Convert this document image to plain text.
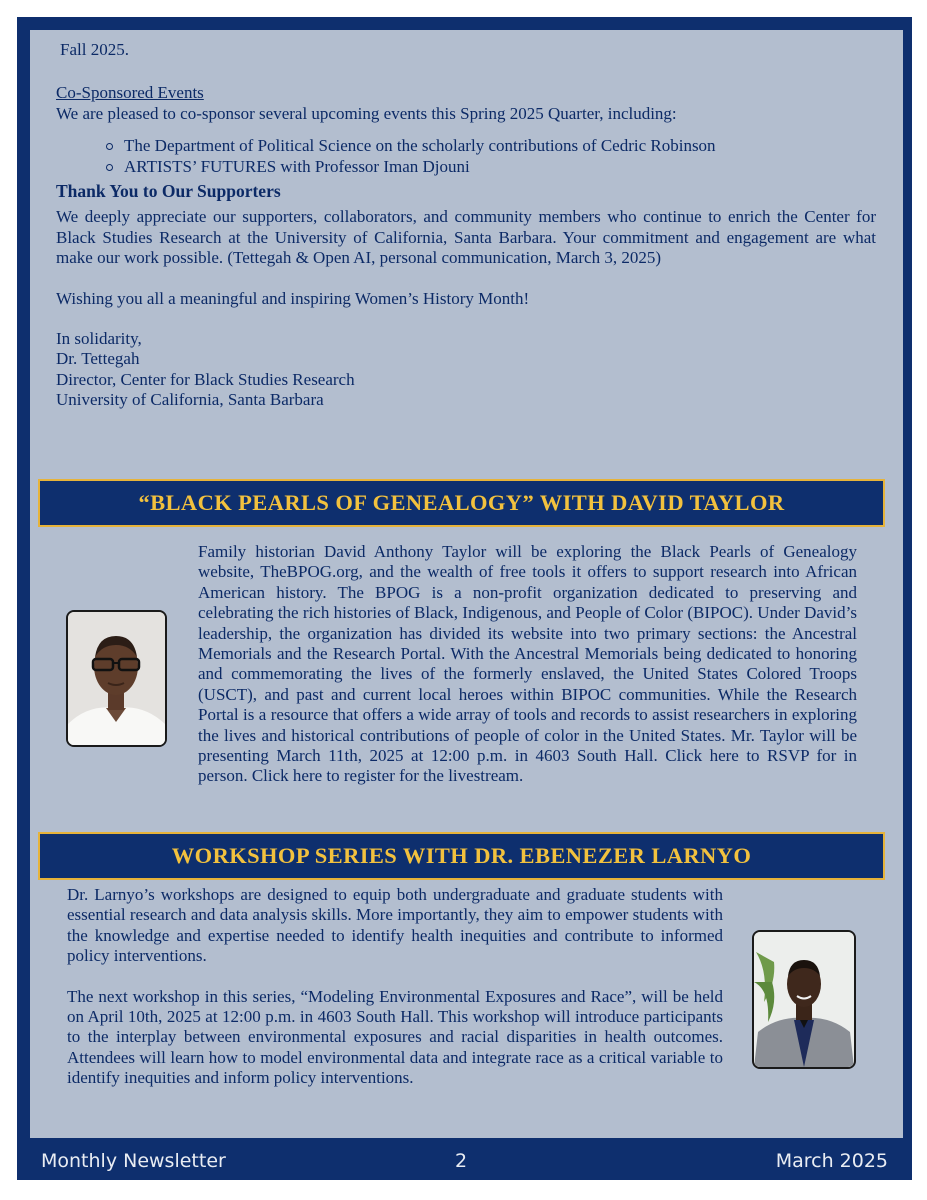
Fall 2025.

Co-Sponsored Events

We are pleased to co-sponsor several upcoming events this Spring 2025 Quarter, including:

The Department of Political Science on the scholarly contributions of Cedric Robinson
ARTISTS’ FUTURES with Professor Iman Djouni

Thank You to Our Supporters

We deeply appreciate our supporters, collaborators, and community members who continue to enrich the Center for Black Studies Research at the University of California, Santa Barbara. Your commitment and engagement are what make our work possible. (Tettegah & Open AI, personal communication, March 3, 2025)

Wishing you all a meaningful and inspiring Women’s History Month!

In solidarity,

Dr. Tettegah

Director, Center for Black Studies Research

University of California, Santa Barbara

“BLACK PEARLS OF GENEALOGY” WITH DAVID TAYLOR
Family historian David Anthony Taylor will be exploring the Black Pearls of Genealogy website, TheBPOG.org, and the wealth of free tools it offers to support research into African American history. The BPOG is a non-profit organization dedicated to preserving and celebrating the rich histories of Black, Indigenous, and People of Color (BIPOC). Under David’s leadership, the organization has divided its website into two primary sections: the Ancestral Memorials and the Research Portal. With the Ancestral Memorials being dedicated to honoring and commemorating the lives of the formerly enslaved, the United States Colored Troops (USCT), and past and current local heroes within BIPOC communities. While the Research Portal is a resource that offers a wide array of tools and records to assist researchers in exploring the lives and historical contributions of people of color in the United States. Mr. Taylor will be presenting March 11th, 2025 at 12:00 p.m. in 4603 South Hall. Click here to RSVP for in person. Click here to register for the livestream.
WORKSHOP SERIES WITH DR. EBENEZER LARNYO

Dr. Larnyo’s workshops are designed to equip both undergraduate and graduate students with essential research and data analysis skills. More importantly, they aim to empower students with the knowledge and expertise needed to identify health inequities and contribute to informed policy interventions.

The next workshop in this series, “Modeling Environmental Exposures and Race”, will be held on April 10th, 2025 at 12:00 p.m. in 4603 South Hall. This workshop will introduce participants to the interplay between environmental exposures and racial disparities in health outcomes. Attendees will learn how to model environmental data and integrate race as a critical variable to identify inequities and inform policy interventions.

Monthly Newsletter	2	March 2025
